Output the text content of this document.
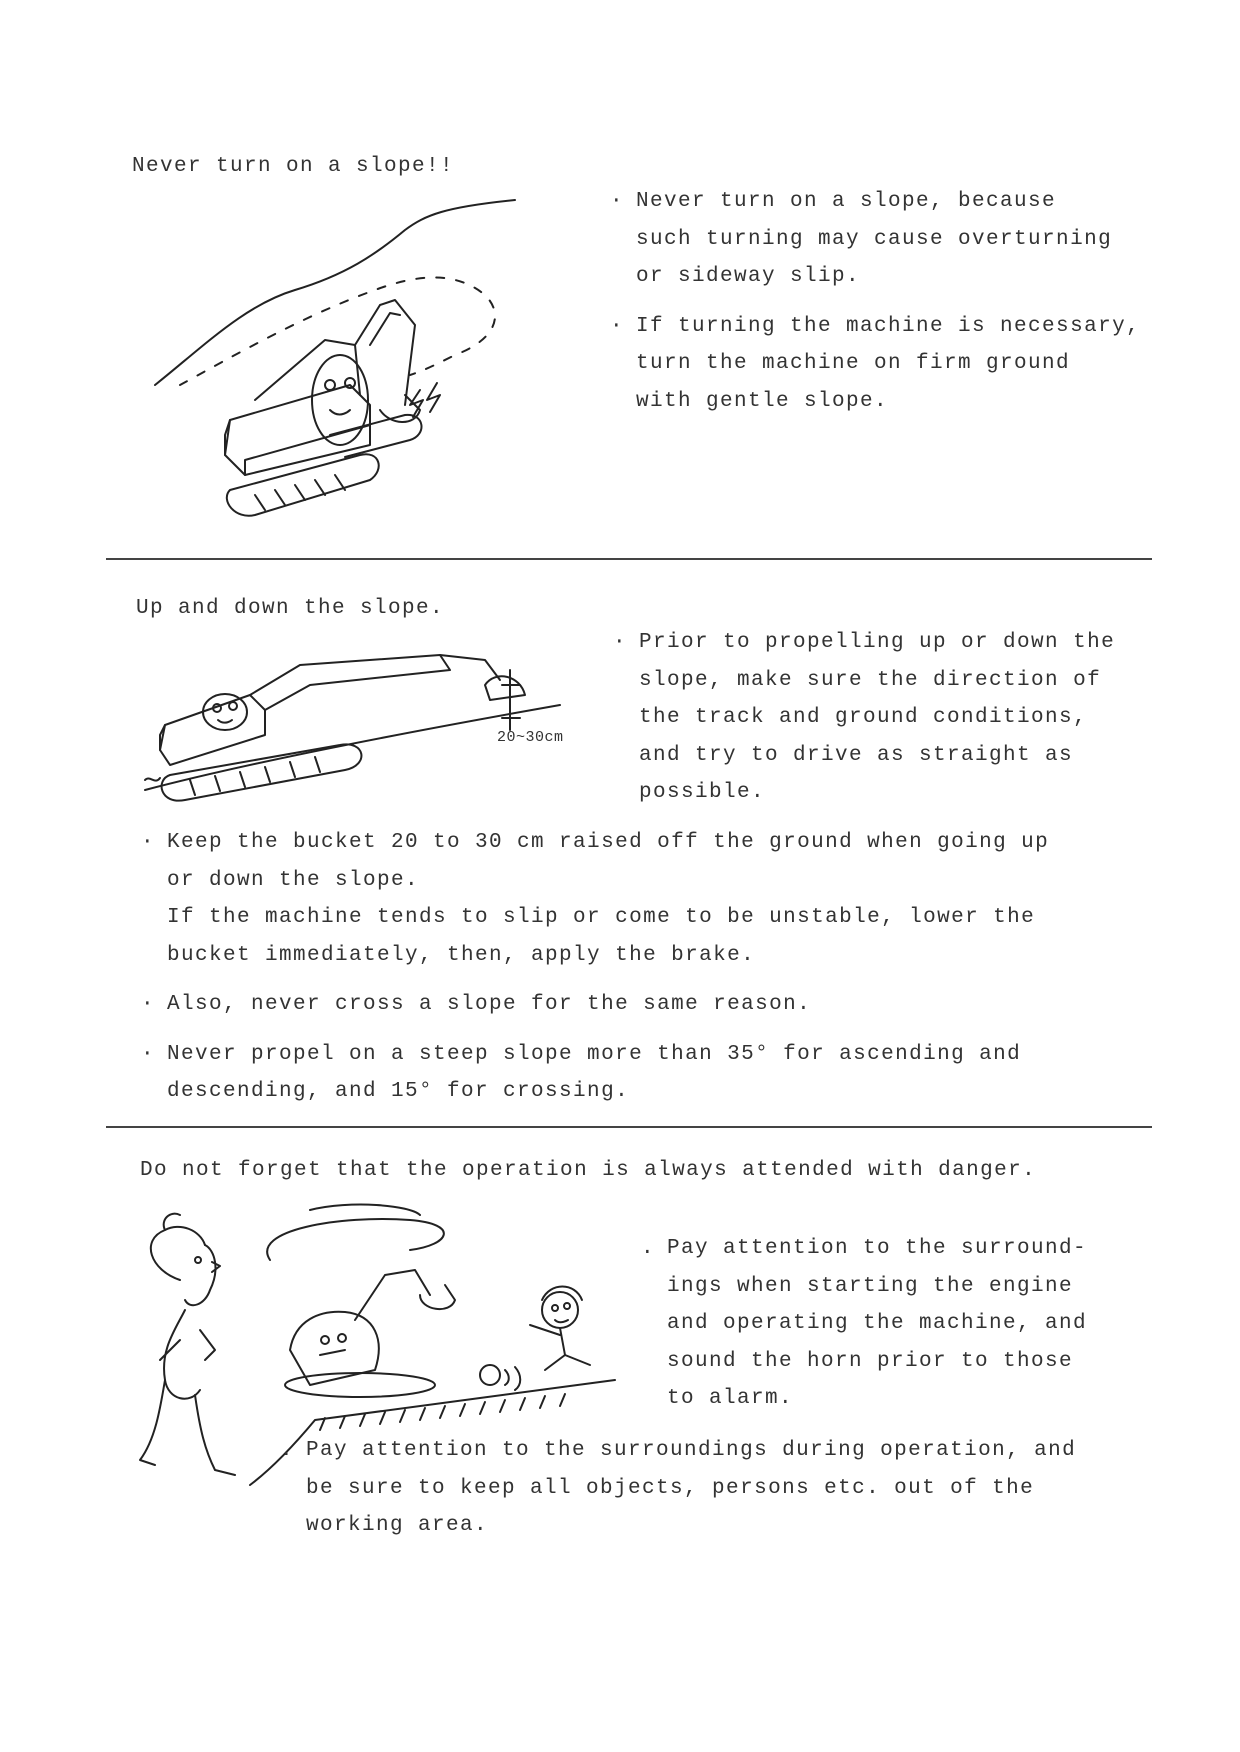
Never turn on a slope!!

· Never turn on a slope, because
such turning may cause overturning
or sideway slip.
· If turning the machine is necessary,
turn the machine on firm ground
with gentle slope.

Up and down the slope.

20~30cm
· Prior to propelling up or down the
slope, make sure the direction of
the track and ground conditions,
and try to drive as straight as
possible.
· Keep the bucket 20 to 30 cm raised off the ground when going up
or down the slope.
If the machine tends to slip or come to be unstable, lower the
bucket immediately, then, apply the brake.
· Also, never cross a slope for the same reason.
· Never propel on a steep slope more than 35° for ascending and
descending, and 15° for crossing.

Do not forget that the operation is always attended with danger.

. Pay attention to the surround-
ings when starting the engine
and operating the machine, and
sound the horn prior to those
to alarm.
. Pay attention to the surroundings during operation, and
be sure to keep all objects, persons etc. out of the
working area.
